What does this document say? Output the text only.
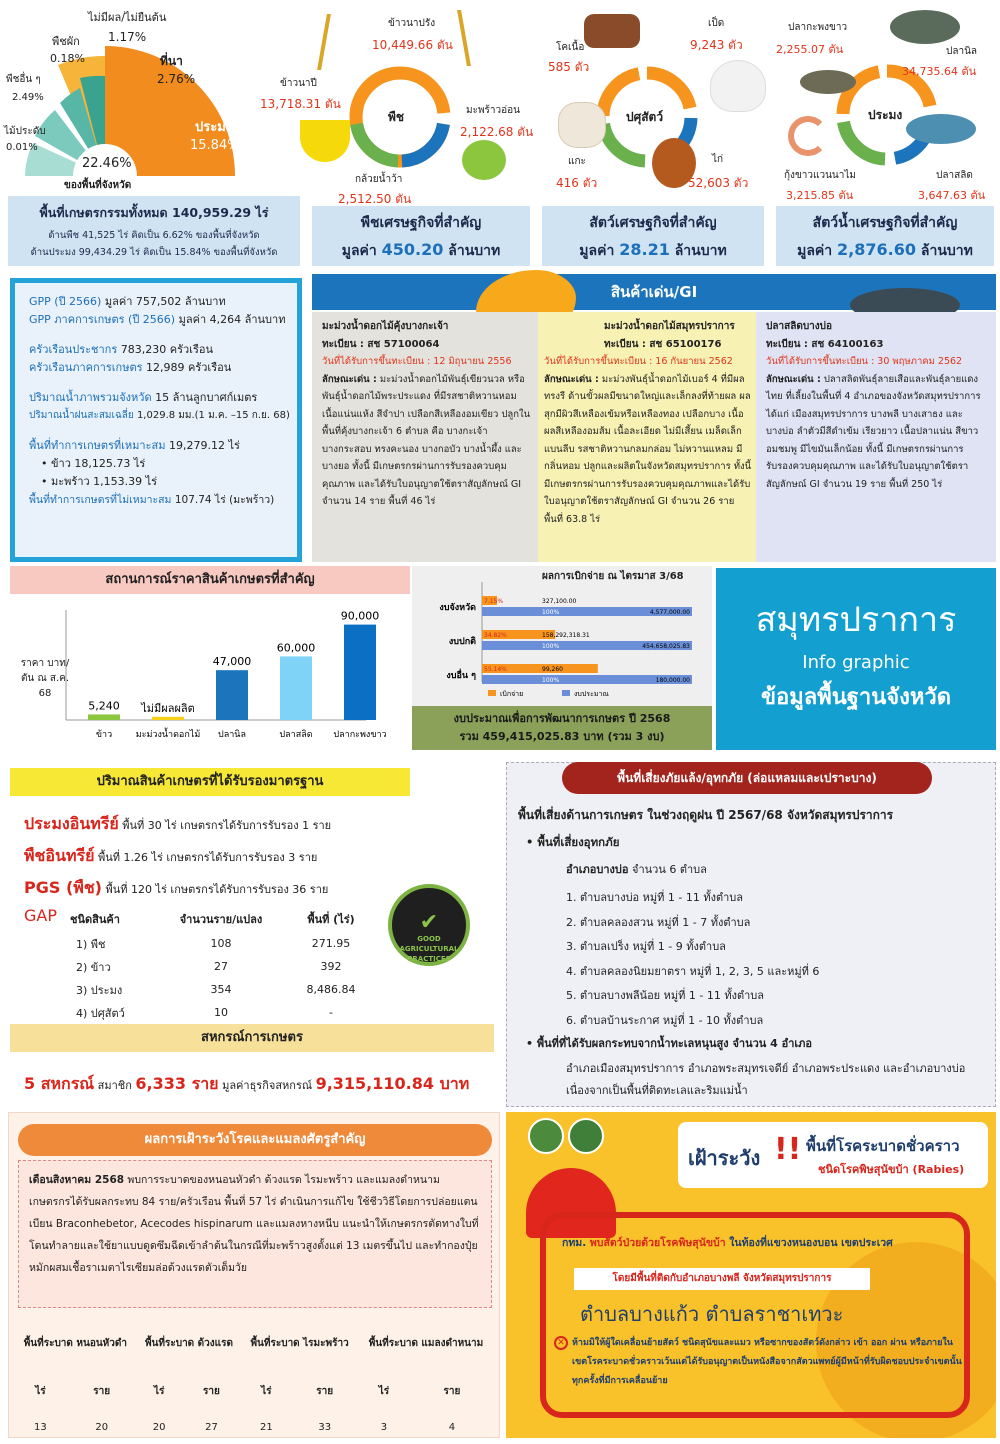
ไม่มีผล/ไม่ยืนต้น
1.17%
พืชผัก
0.18%	ที่นา
2.76%
พืชอื่น ๆ
2.49%
ไม้ประดับ
0.01%
ประมง
15.84%
22.46%
ของพื้นที่จังหวัด
พื้นที่เกษตรกรรมทั้งหมด 140,959.29 ไร่
ด้านพืช 41,525 ไร่ คิดเป็น 6.62% ของพื้นที่จังหวัด
ด้านประมง 99,434.29 ไร่ คิดเป็น 15.84% ของพื้นที่จังหวัด
พืช
ข้าวนาปรัง
10,449.66 ตัน
ข้าวนาปี
13,718.31 ตัน	มะพร้าวอ่อน
2,122.68 ตัน
กล้วยน้ำว้า
2,512.50 ตัน
พืชเศรษฐกิจที่สำคัญ
มูลค่า 450.20 ล้านบาท
ปศุสัตว์
โคเนื้อ
585 ตัว
เป็ด
9,243 ตัว
แกะ
416 ตัว
ไก่
52,603 ตัว
สัตว์เศรษฐกิจที่สำคัญ
มูลค่า 28.21 ล้านบาท
ประมง
ปลากะพงขาว
2,255.07 ตัน	ปลานิล
34,735.64 ตัน
กุ้งขาวแวนนาไม
3,215.85 ตัน
ปลาสลิด
3,647.63 ตัน
สัตว์น้ำเศรษฐกิจที่สำคัญ
มูลค่า 2,876.60 ล้านบาท
GPP (ปี 2566) มูลค่า 757,502 ล้านบาท
GPP ภาคการเกษตร (ปี 2566) มูลค่า 4,264 ล้านบาท
ครัวเรือนประชากร 783,230 ครัวเรือน
ครัวเรือนภาคการเกษตร 12,989 ครัวเรือน
ปริมาณน้ำภาพรวมจังหวัด 15 ล้านลูกบาศก์เมตร
ปริมาณน้ำฝนสะสมเฉลี่ย 1,029.8 มม.(1 ม.ค. –15 ก.ย. 68)
พื้นที่ทำการเกษตรที่เหมาะสม 19,279.12 ไร่
• ข้าว 18,125.73 ไร่
• มะพร้าว 1,153.39 ไร่
พื้นที่ทำการเกษตรที่ไม่เหมาะสม 107.74 ไร่ (มะพร้าว)
สินค้าเด่น/GI
มะม่วงน้ำดอกไม้คุ้งบางกะเจ้า
ทะเบียน : สช 57100064
วันที่ได้รับการขึ้นทะเบียน : 12 มิถุนายน 2556
ลักษณะเด่น : มะม่วงน้ำดอกไม้พันธุ์เขียวนวล หรือพันธุ์น้ำดอกไม้พระประแดง ที่มีรสชาติหวานหอม เนื้อแน่นแห้ง สีจำปา เปลือกสีเหลืองอมเขียว ปลูกในพื้นที่คุ้งบางกะเจ้า 6 ตำบล คือ บางกะเจ้า บางกระสอบ ทรงคะนอง บางกอบัว บางน้ำผึ้ง และบางยอ ทั้งนี้ มีเกษตรกรผ่านการรับรองควบคุมคุณภาพ และได้รับใบอนุญาตใช้ตราสัญลักษณ์ GI จำนวน 14 ราย พื้นที่ 46 ไร่
มะม่วงน้ำดอกไม้สมุทรปราการ
ทะเบียน : สช 65100176
วันที่ได้รับการขึ้นทะเบียน : 16 กันยายน 2562
ลักษณะเด่น : มะม่วงพันธุ์น้ำดอกไม้เบอร์ 4 ที่มีผลทรงรี ด้านขั้วผลมีขนาดใหญ่และเล็กลงที่ท้ายผล ผลสุกมีผิวสีเหลืองเข้มหรือเหลืองทอง เปลือกบาง เนื้อผลสีเหลืองอมส้ม เนื้อละเอียด ไม่มีเสี้ยน เมล็ดเล็กแบนลีบ รสชาติหวานกลมกล่อม ไม่หวานแหลม มีกลิ่นหอม ปลูกและผลิตในจังหวัดสมุทรปราการ ทั้งนี้ มีเกษตรกรผ่านการรับรองควบคุมคุณภาพและได้รับใบอนุญาตใช้ตราสัญลักษณ์ GI จำนวน 26 ราย พื้นที่ 63.8 ไร่
ปลาสลิดบางบ่อ
ทะเบียน : สช 64100163
วันที่ได้รับการขึ้นทะเบียน : 30 พฤษภาคม 2562
ลักษณะเด่น : ปลาสลิดพันธุ์ลายเสือและพันธุ์ลายแดงไทย ที่เลี้ยงในพื้นที่ 4 อำเภอของจังหวัดสมุทรปราการ ได้แก่ เมืองสมุทรปราการ บางพลี บางเสาธง และบางบ่อ ลำตัวมีสีดำเข้ม เรียวยาว เนื้อปลาแน่น สีขาวอมชมพู มีไขมันเล็กน้อย ทั้งนี้ มีเกษตรกรผ่านการรับรองควบคุมคุณภาพ และได้รับใบอนุญาตใช้ตราสัญลักษณ์ GI จำนวน 19 ราย พื้นที่ 250 ไร่
สถานการณ์ราคาสินค้าเกษตรที่สำคัญ
ราคา บาท/ตัน ณ ส.ค. 68
5,240
ข้าว
ไม่มีผลผลิต
มะม่วงน้ำดอกไม้
47,000
ปลานิล
60,000
ปลาสลิด
90,000
ปลากะพงขาว
ผลการเบิกจ่าย ณ ไตรมาส 3/68
งบจังหวัด
7.15%	327,100.00
100%	4,577,000.00
งบปกติ
34.82%	158,292,318.31
100%	454,658,025.83
งบอื่น ๆ
55.14%	99,260
100%	180,000.00
เบิกจ่าย	งบประมาณ
งบประมาณเพื่อการพัฒนาการเกษตร ปี 2568
รวม 459,415,025.83 บาท (รวม 3 งบ)
สมุทรปราการ
Info graphic
ข้อมูลพื้นฐานจังหวัด
ปริมาณสินค้าเกษตรที่ได้รับรองมาตรฐาน
ประมงอินทรีย์ พื้นที่ 30 ไร่ เกษตรกรได้รับการรับรอง 1 ราย
พืชอินทรีย์ พื้นที่ 1.26 ไร่ เกษตรกรได้รับการรับรอง 3 ราย
PGS (พืช) พื้นที่ 120 ไร่ เกษตรกรได้รับการรับรอง 36 ราย
GAP ชนิดสินค้า	จำนวนราย/แปลง	พื้นที่ (ไร่)
1) พืช	108	271.95
2) ข้าว	27	392
3) ประมง	354	8,486.84
4) ปศุสัตว์	10	-
✔
GOOD AGRICULTURAL PRACTICES
สหกรณ์การเกษตร
5 สหกรณ์ สมาชิก 6,333 ราย มูลค่าธุรกิจสหกรณ์ 9,315,110.84 บาท
พื้นที่เสี่ยงภัยแล้ง/อุทกภัย (ล่อแหลมและเปราะบาง)
พื้นที่เสี่ยงด้านการเกษตร ในช่วงฤดูฝน ปี 2567/68 จังหวัดสมุทรปราการ
• พื้นที่เสี่ยงอุทกภัย
อำเภอบางบ่อ จำนวน 6 ตำบล
1. ตำบลบางบ่อ หมู่ที่ 1 - 11 ทั้งตำบล
2. ตำบลคลองสวน หมู่ที่ 1 - 7 ทั้งตำบล
3. ตำบลเปร็ง หมู่ที่ 1 - 9 ทั้งตำบล
4. ตำบลคลองนิยมยาตรา หมู่ที่ 1, 2, 3, 5 และหมู่ที่ 6
5. ตำบลบางพลีน้อย หมู่ที่ 1 - 11 ทั้งตำบล
6. ตำบลบ้านระกาศ หมู่ที่ 1 - 10 ทั้งตำบล
• พื้นที่ที่ได้รับผลกระทบจากน้ำทะเลหนุนสูง จำนวน 4 อำเภอ
อำเภอเมืองสมุทรปราการ อำเภอพระสมุทรเจดีย์ อำเภอพระประแดง และอำเภอบางบ่อ เนื่องจากเป็นพื้นที่ติดทะเลและริมแม่น้ำ
ผลการเฝ้าระวังโรคและแมลงศัตรูสำคัญ
เดือนสิงหาคม 2568 พบการระบาดของหนอนหัวดำ ด้วงแรด ไรมะพร้าว และแมลงดำหนาม เกษตรกรได้รับผลกระทบ 84 ราย/ครัวเรือน พื้นที่ 57 ไร่ ดำเนินการแก้ไข ใช้ชีววิธีโดยการปล่อยแตนเบียน Braconhebetor, Acecodes hispinarum และแมลงหางหนีบ แนะนำให้เกษตรกรตัดทางใบที่โดนทำลายและใช้ยาแบบดูดซึมฉีดเข้าลำต้นในกรณีที่มะพร้าวสูงตั้งแต่ 13 เมตรขึ้นไป และทำกองปุ๋ยหมักผสมเชื้อราเมตาไรเซียมล่อด้วงแรดตัวเต็มวัย
พื้นที่ระบาด หนอนหัวดำ		พื้นที่ระบาด ด้วงแรด		พื้นที่ระบาด ไรมะพร้าว		พื้นที่ระบาด แมลงดำหนาม	
ไร่	ราย	ไร่	ราย	ไร่	ราย	ไร่	ราย
13	20	20	27	21	33	3	4
เฝ้าระวัง !! พื้นที่โรคระบาดชั่วคราว
ชนิดโรคพิษสุนัขบ้า (Rabies)
กทม. พบสัตว์ป่วยด้วยโรคพิษสุนัขบ้า ในท้องที่แขวงหนองบอน เขตประเวศ
โดยมีพื้นที่ติดกับอำเภอบางพลี จังหวัดสมุทรปราการ
ตำบลบางแก้ว ตำบลราชาเทวะ
✕ ห้ามมิให้ผู้ใดเคลื่อนย้ายสัตว์ ชนิดสุนัขและแมว หรือซากของสัตว์ดังกล่าว เข้า ออก ผ่าน หรือภายในเขตโรคระบาดชั่วคราวเว้นแต่ได้รับอนุญาตเป็นหนังสือจากสัตวแพทย์ผู้มีหน้าที่รับผิดชอบประจำเขตนั้นทุกครั้งที่มีการเคลื่อนย้าย
